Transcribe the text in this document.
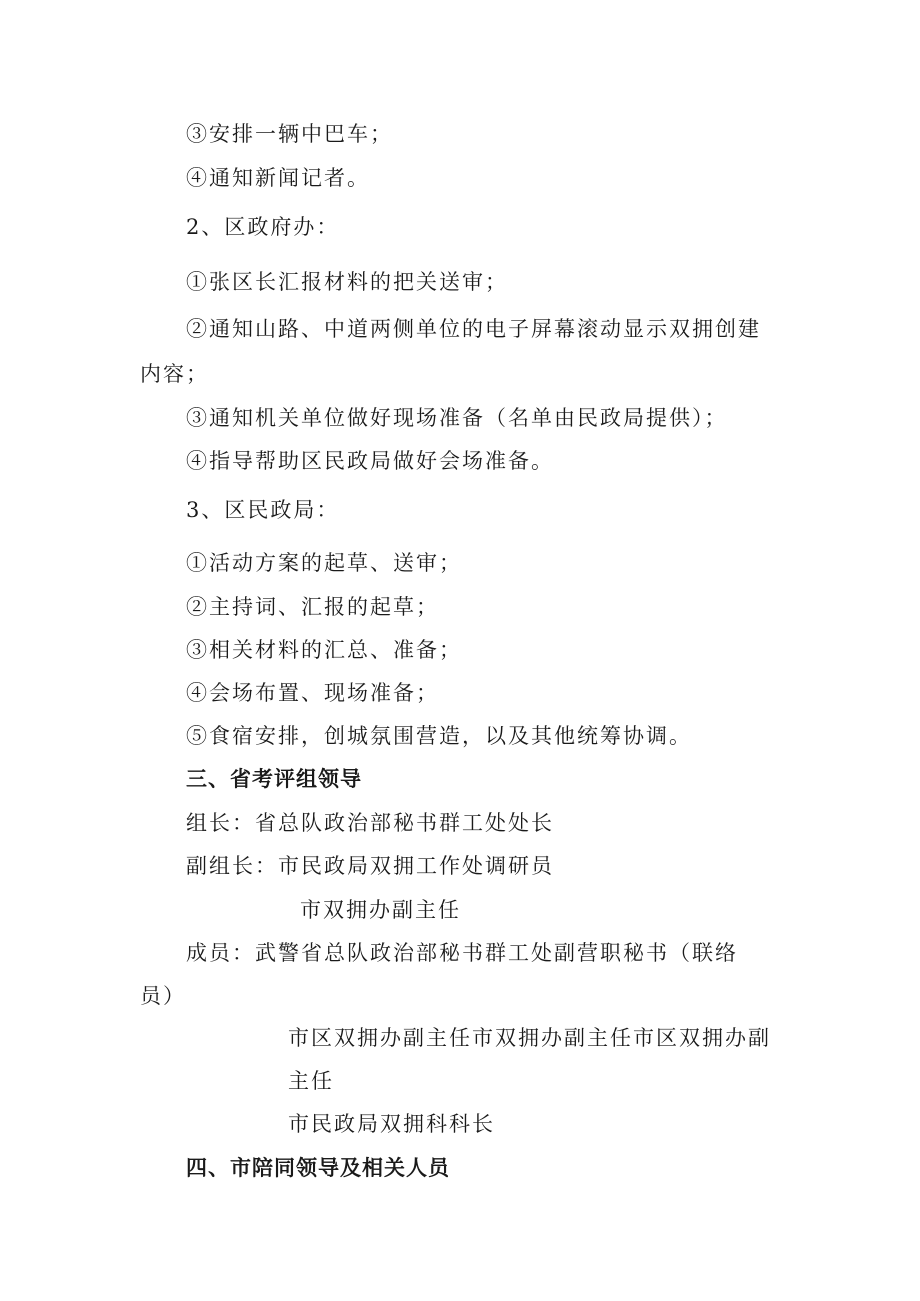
③安排一辆中巴车；
④通知新闻记者。
2、区政府办：
①张区长汇报材料的把关送审；
②通知山路、中道两侧单位的电子屏幕滚动显示双拥创建
内容；
③通知机关单位做好现场准备（名单由民政局提供）；
④指导帮助区民政局做好会场准备。
3、区民政局：
①活动方案的起草、送审；
②主持词、汇报的起草；
③相关材料的汇总、准备；
④会场布置、现场准备；
⑤食宿安排，创城氛围营造，以及其他统筹协调。
三、省考评组领导
组长：省总队政治部秘书群工处处长
副组长：市民政局双拥工作处调研员
市双拥办副主任
成员：武警省总队政治部秘书群工处副营职秘书（联络
员）
市区双拥办副主任市双拥办副主任市区双拥办副
主任
市民政局双拥科科长
四、市陪同领导及相关人员
